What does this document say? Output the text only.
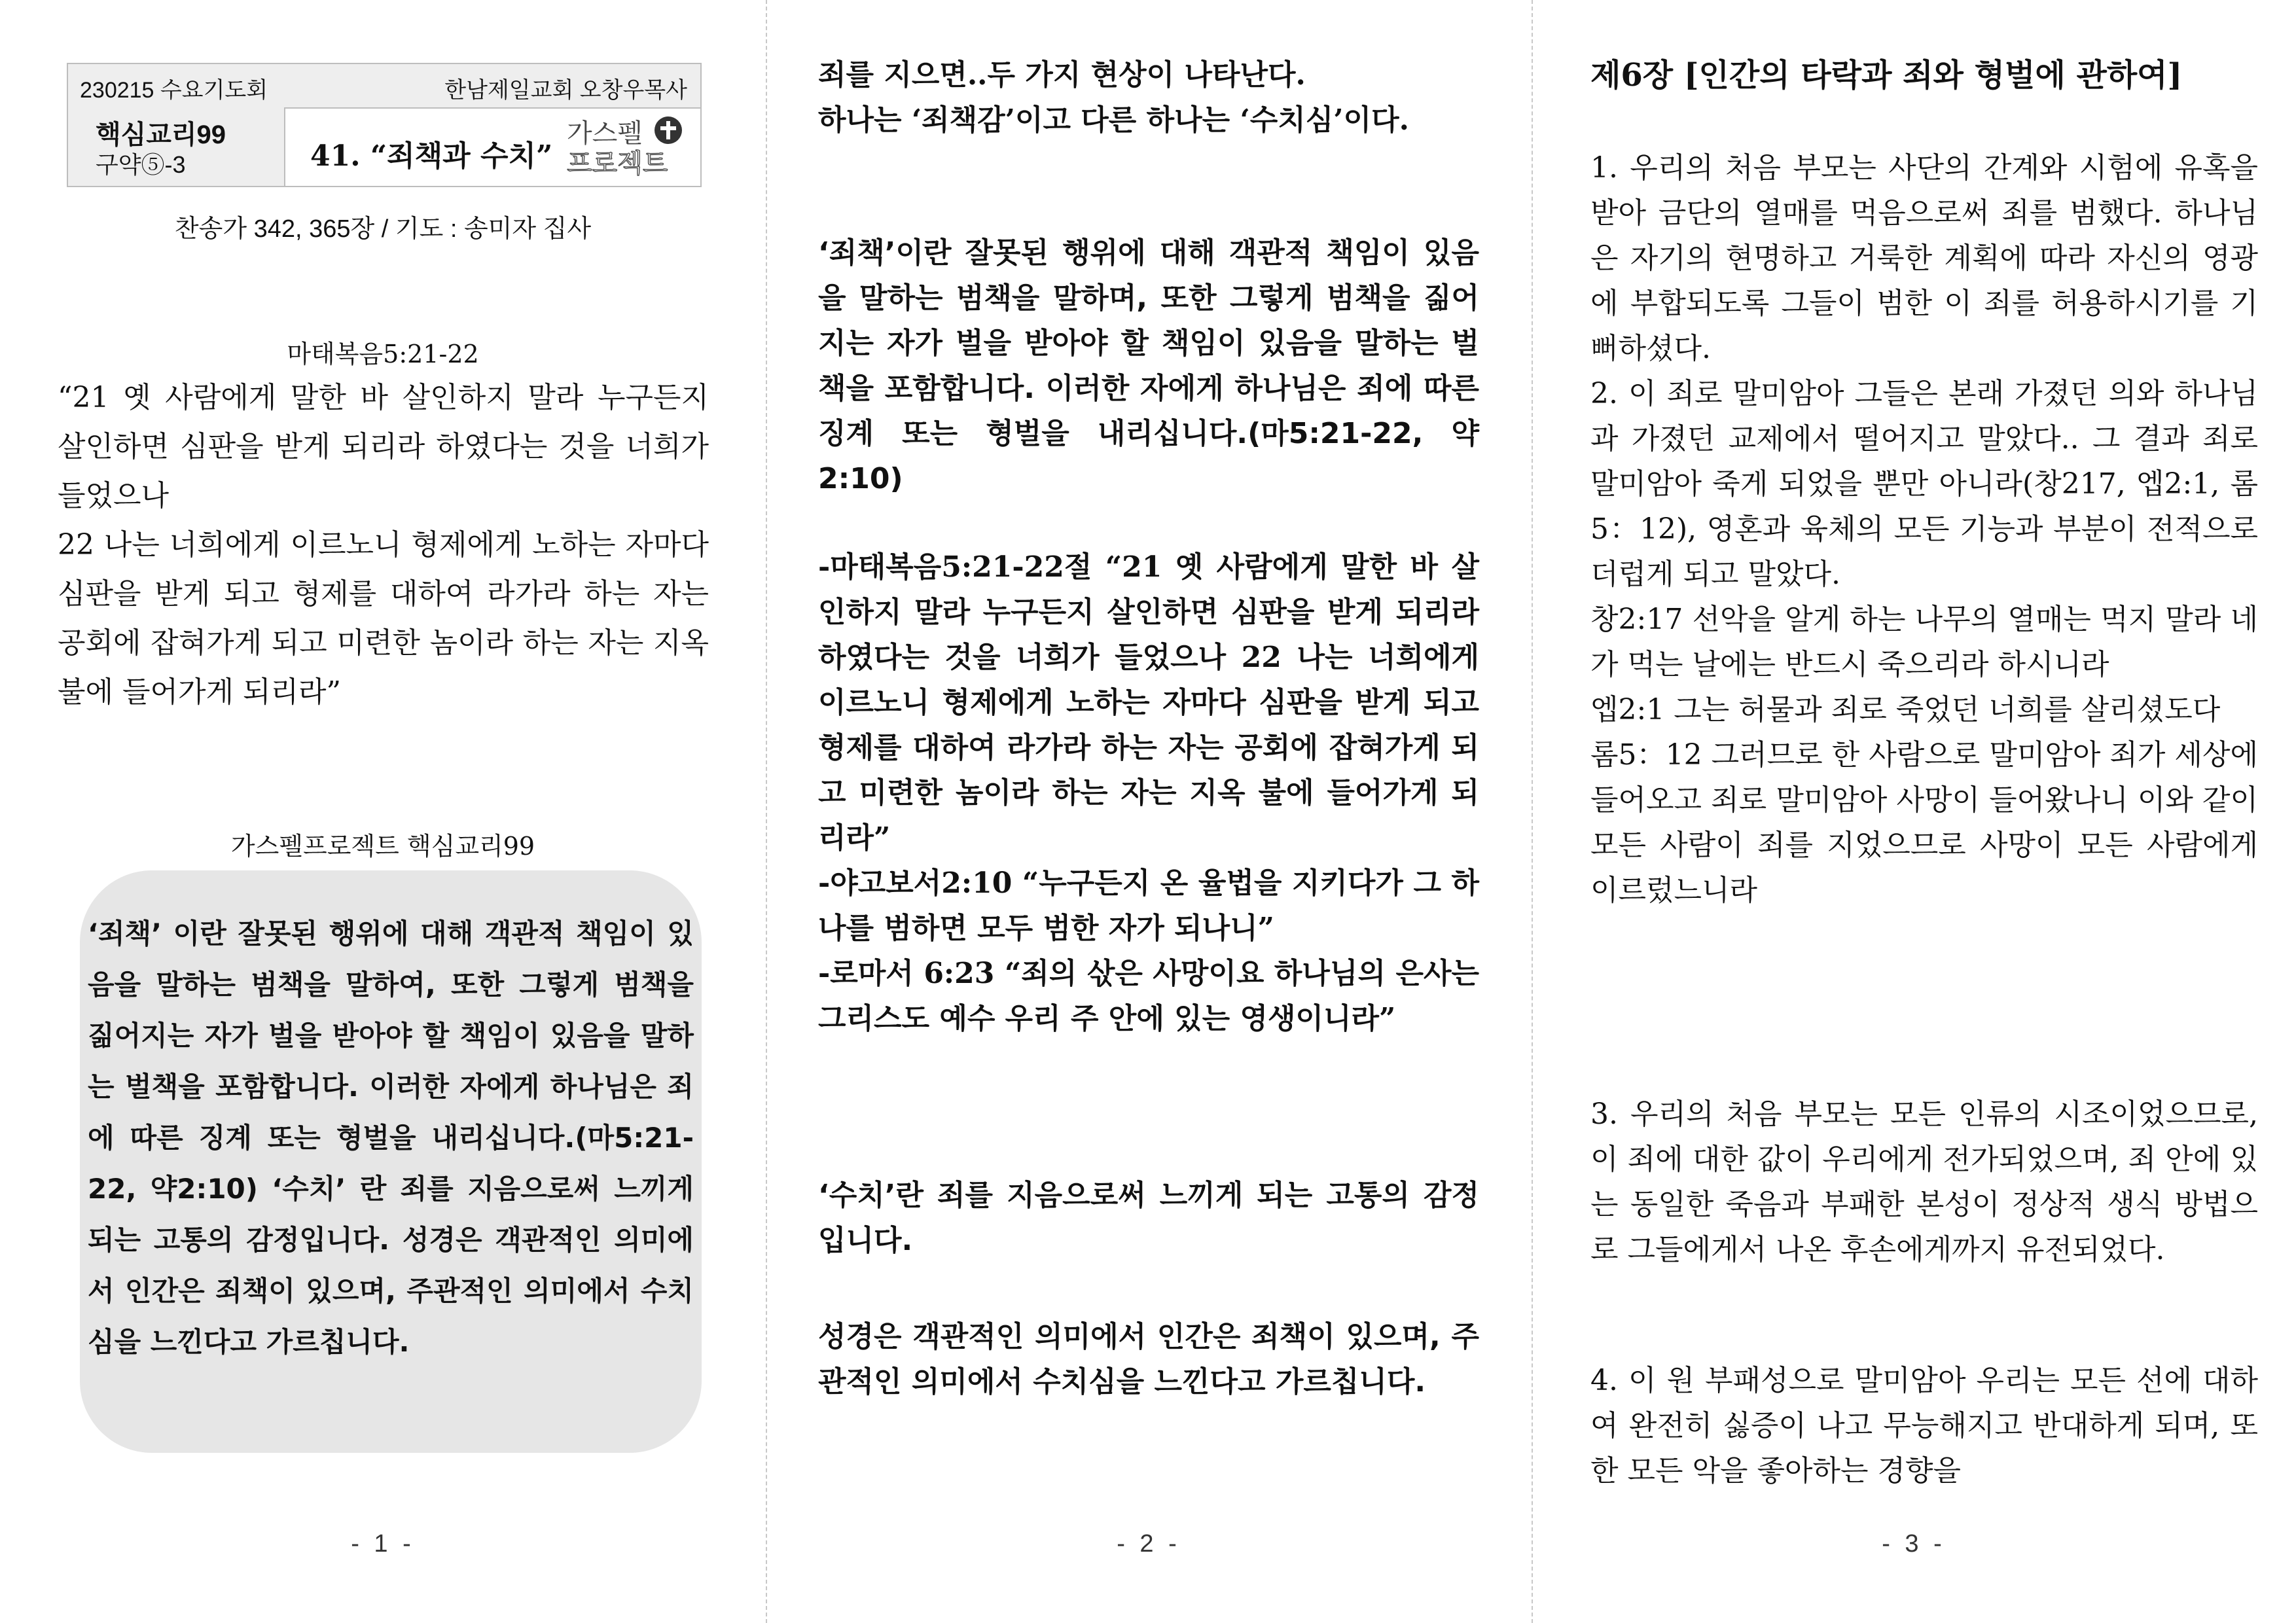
230215 수요기도회	한남제일교회 오창우목사
핵심교리99
구약⑤-3	41. “죄책과 수치”
가스펠
프로젝트
찬송가 342, 365장 / 기도 : 송미자 집사
마태복음5:21-22
“21 옛 사람에게 말한 바 살인하지 말라 누구든지 살인하면 심판을 받게 되리라 하였다는 것을 너희가 들었으나
22 나는 너희에게 이르노니 형제에게 노하는 자마다 심판을 받게 되고 형제를 대하여 라가라 하는 자는 공회에 잡혀가게 되고 미련한 놈이라 하는 자는 지옥 불에 들어가게 되리라”
가스펠프로젝트 핵심교리99
‘죄책’ 이란 잘못된 행위에 대해 객관적 책임이 있음을 말하는 범책을 말하여, 또한 그렇게 범책을 짊어지는 자가 벌을 받아야 할 책임이 있음을 말하는 벌책을 포함합니다. 이러한 자에게 하나님은 죄에 따른 징계 또는 형벌을 내리십니다.(마5:21-22, 약2:10) ‘수치’ 란 죄를 지음으로써 느끼게 되는 고통의 감정입니다. 성경은 객관적인 의미에서 인간은 죄책이 있으며, 주관적인 의미에서 수치심을 느낀다고 가르칩니다.
- 1 -
죄를 지으면..두 가지 현상이 나타난다.
하나는 ‘죄책감’이고 다른 하나는 ‘수치심’이다.
‘죄책’이란 잘못된 행위에 대해 객관적 책임이 있음을 말하는 범책을 말하며, 또한 그렇게 범책을 짊어지는 자가 벌을 받아야 할 책임이 있음을 말하는 벌책을 포함합니다. 이러한 자에게 하나님은 죄에 따른 징계 또는 형벌을 내리십니다.(마5:21-22, 약2:10)
-마태복음5:21-22절 “21 옛 사람에게 말한 바 살인하지 말라 누구든지 살인하면 심판을 받게 되리라 하였다는 것을 너희가 들었으나 22 나는 너희에게 이르노니 형제에게 노하는 자마다 심판을 받게 되고 형제를 대하여 라가라 하는 자는 공회에 잡혀가게 되고 미련한 놈이라 하는 자는 지옥 불에 들어가게 되리라”
-야고보서2:10 “누구든지 온 율법을 지키다가 그 하나를 범하면 모두 범한 자가 되나니”
-로마서 6:23 “죄의 삯은 사망이요 하나님의 은사는 그리스도 예수 우리 주 안에 있는 영생이니라”
‘수치’란 죄를 지음으로써 느끼게 되는 고통의 감정입니다.
성경은 객관적인 의미에서 인간은 죄책이 있으며, 주관적인 의미에서 수치심을 느낀다고 가르칩니다.
- 2 -
제6장 [인간의 타락과 죄와 형벌에 관하여]
1. 우리의 처음 부모는 사단의 간계와 시험에 유혹을 받아 금단의 열매를 먹음으로써 죄를 범했다. 하나님은 자기의 현명하고 거룩한 계획에 따라 자신의 영광에 부합되도록 그들이 범한 이 죄를 허용하시기를 기뻐하셨다.
2. 이 죄로 말미암아 그들은 본래 가졌던 의와 하나님과 가졌던 교제에서 떨어지고 말았다.. 그 결과 죄로 말미암아 죽게 되었을 뿐만 아니라(창217, 엡2:1, 롬5：12), 영혼과 육체의 모든 기능과 부분이 전적으로 더럽게 되고 말았다.
창2:17 선악을 알게 하는 나무의 열매는 먹지 말라 네가 먹는 날에는 반드시 죽으리라 하시니라
엡2:1 그는 허물과 죄로 죽었던 너희를 살리셨도다
롬5：12 그러므로 한 사람으로 말미암아 죄가 세상에 들어오고 죄로 말미암아 사망이 들어왔나니 이와 같이 모든 사람이 죄를 지었으므로 사망이 모든 사람에게 이르렀느니라
3. 우리의 처음 부모는 모든 인류의 시조이었으므로, 이 죄에 대한 값이 우리에게 전가되었으며, 죄 안에 있는 동일한 죽음과 부패한 본성이 정상적 생식 방법으로 그들에게서 나온 후손에게까지 유전되었다.
4. 이 원 부패성으로 말미암아 우리는 모든 선에 대하여 완전히 싫증이 나고 무능해지고 반대하게 되며, 또한 모든 악을 좋아하는 경향을
- 3 -
